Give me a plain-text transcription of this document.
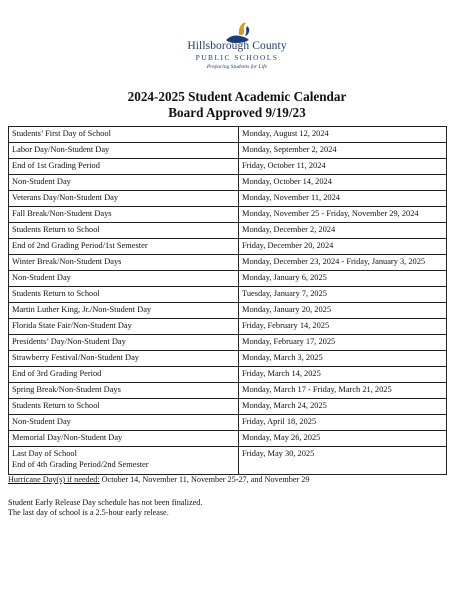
Hillsborough County
PUBLIC SCHOOLS
Preparing Students for Life
2024-2025 Student Academic Calendar
Board Approved 9/19/23
Students’ First Day of School	Monday, August 12, 2024
Labor Day/Non-Student Day	Monday, September 2, 2024
End of 1st Grading Period	Friday, October 11, 2024
Non-Student Day	Monday, October 14, 2024
Veterans Day/Non-Student Day	Monday, November 11, 2024
Fall Break/Non-Student Days	Monday, November 25 - Friday, November 29, 2024
Students Return to School	Monday, December 2, 2024
End of 2nd Grading Period/1st Semester	Friday, December 20, 2024
Winter Break/Non-Student Days	Monday, December 23, 2024 - Friday, January 3, 2025
Non-Student Day	Monday, January 6, 2025
Students Return to School	Tuesday, January 7, 2025
Martin Luther King, Jr./Non-Student Day	Monday, January 20, 2025
Florida State Fair/Non-Student Day	Friday, February 14, 2025
Presidents’ Day/Non-Student Day	Monday, February 17, 2025
Strawberry Festival/Non-Student Day	Monday, March 3, 2025
End of 3rd Grading Period	Friday, March 14, 2025
Spring Break/Non-Student Days	Monday, March 17 - Friday, March 21, 2025
Students Return to School	Monday, March 24, 2025
Non-Student Day	Friday, April 18, 2025
Memorial Day/Non-Student Day	Monday, May 26, 2025

Last Day of School
End of 4th Grading Period/2nd Semester	Friday, May 30, 2025
Hurricane Day(s) if needed: October 14, November 11, November 25-27, and November 29
Student Early Release Day schedule has not been finalized.
The last day of school is a 2.5-hour early release.
